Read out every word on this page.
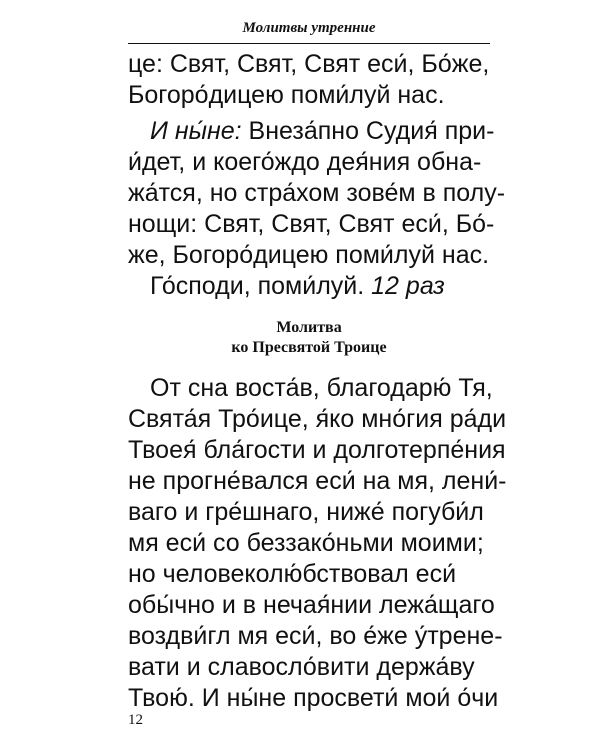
Молитвы утренние
це: Свят, Свят, Свят еси́, Бо́же,
Богоро́дицею поми́луй нас.
И ны́не: Внеза́пно Судия́ при-
и́дет, и коего́ждо дея́ния обна-
жа́тся, но стра́хом зове́м в полу-
нощи: Свят, Свят, Свят еси́, Бо́-
же, Богоро́дицею поми́луй нас.
Го́споди, поми́луй. 12 раз
Молитва
ко Пресвятой Троице
От сна воста́в, благодарю́ Тя,
Свята́я Тро́ице, я́ко мно́гия ра́ди
Твоея́ бла́гости и долготерпе́ния
не прогне́вался еси́ на мя, лени́-
ваго и гре́шнаго, ниже́ погуби́л
мя еси́ со беззако́ньми моими;
но человеколю́бствовал еси́
обы́чно и в нечая́нии лежа́щаго
воздви́гл мя еси́, во е́же у́тренe-
вати и славосло́вити держа́ву
Твою́. И ны́не просвети́ мои́ о́чи
12
